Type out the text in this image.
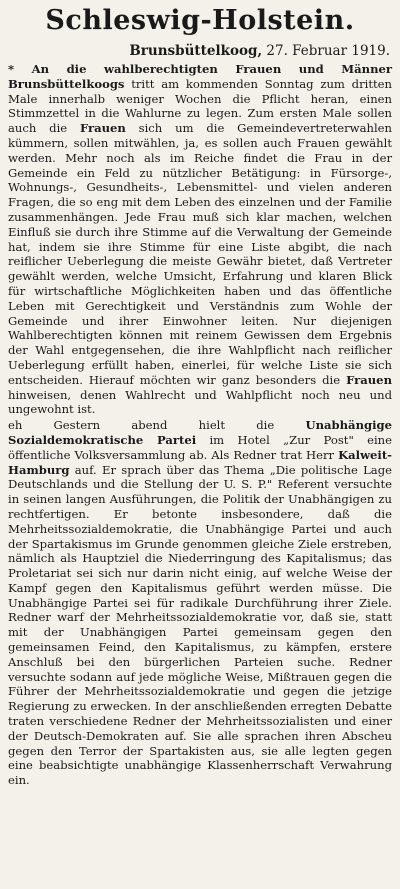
Schleswig-Holstein.
Brunsbüttelkoog, 27. Februar 1919.

* An die wahlberechtigten Frauen und Männer Brunsbüttelkoogs tritt am kommenden Sonntag zum dritten Male innerhalb weniger Wochen die Pflicht heran, einen Stimmzettel in die Wahlurne zu legen. Zum ersten Male sollen auch die Frauen sich um die Gemeindevertreterwahlen kümmern, sollen mitwählen, ja, es sollen auch Frauen gewählt werden. Mehr noch als im Reiche findet die Frau in der Gemeinde ein Feld zu nützlicher Betätigung: in Fürsorge-, Wohnungs-, Gesundheits-, Lebensmittel- und vielen anderen Fragen, die so eng mit dem Leben des einzelnen und der Familie zusammenhängen. Jede Frau muß sich klar machen, welchen Einfluß sie durch ihre Stimme auf die Verwaltung der Gemeinde hat, indem sie ihre Stimme für eine Liste abgibt, die nach reiflicher Ueberlegung die meiste Gewähr bietet, daß Vertreter gewählt werden, welche Umsicht, Erfahrung und klaren Blick für wirtschaftliche Möglichkeiten haben und das öffentliche Leben mit Gerechtigkeit und Verständnis zum Wohle der Gemeinde und ihrer Einwohner leiten. Nur diejenigen Wahlberechtigten können mit reinem Gewissen dem Ergebnis der Wahl entgegensehen, die ihre Wahlpflicht nach reiflicher Ueberlegung erfüllt haben, einerlei, für welche Liste sie sich entscheiden. Hierauf möchten wir ganz besonders die Frauen hinweisen, denen Wahlrecht und Wahlpflicht noch neu und ungewohnt ist.

eh Gestern abend hielt die Unabhängige Sozialdemokratische Partei im Hotel „Zur Post" eine öffentliche Volksversammlung ab. Als Redner trat Herr Kalweit-Hamburg auf. Er sprach über das Thema „Die politische Lage Deutschlands und die Stellung der U. S. P." Referent versuchte in seinen langen Ausführungen, die Politik der Unabhängigen zu rechtfertigen. Er betonte insbesondere, daß die Mehrheitssozialdemokratie, die Unabhängige Partei und auch der Spartakismus im Grunde genommen gleiche Ziele erstreben, nämlich als Hauptziel die Niederringung des Kapitalismus; das Proletariat sei sich nur darin nicht einig, auf welche Weise der Kampf gegen den Kapitalismus geführt werden müsse. Die Unabhängige Partei sei für radikale Durchführung ihrer Ziele. Redner warf der Mehrheitssozialdemokratie vor, daß sie, statt mit der Unabhängigen Partei gemeinsam gegen den gemeinsamen Feind, den Kapitalismus, zu kämpfen, erstere Anschluß bei den bürgerlichen Parteien suche. Redner versuchte sodann auf jede mögliche Weise, Mißtrauen gegen die Führer der Mehrheitssozialdemokratie und gegen die jetzige Regierung zu erwecken. In der anschließenden erregten Debatte traten verschiedene Redner der Mehrheitssozialisten und einer der Deutsch-Demokraten auf. Sie alle sprachen ihren Abscheu gegen den Terror der Spartakisten aus, sie alle legten gegen eine beabsichtigte unabhängige Klassenherrschaft Verwahrung ein.
